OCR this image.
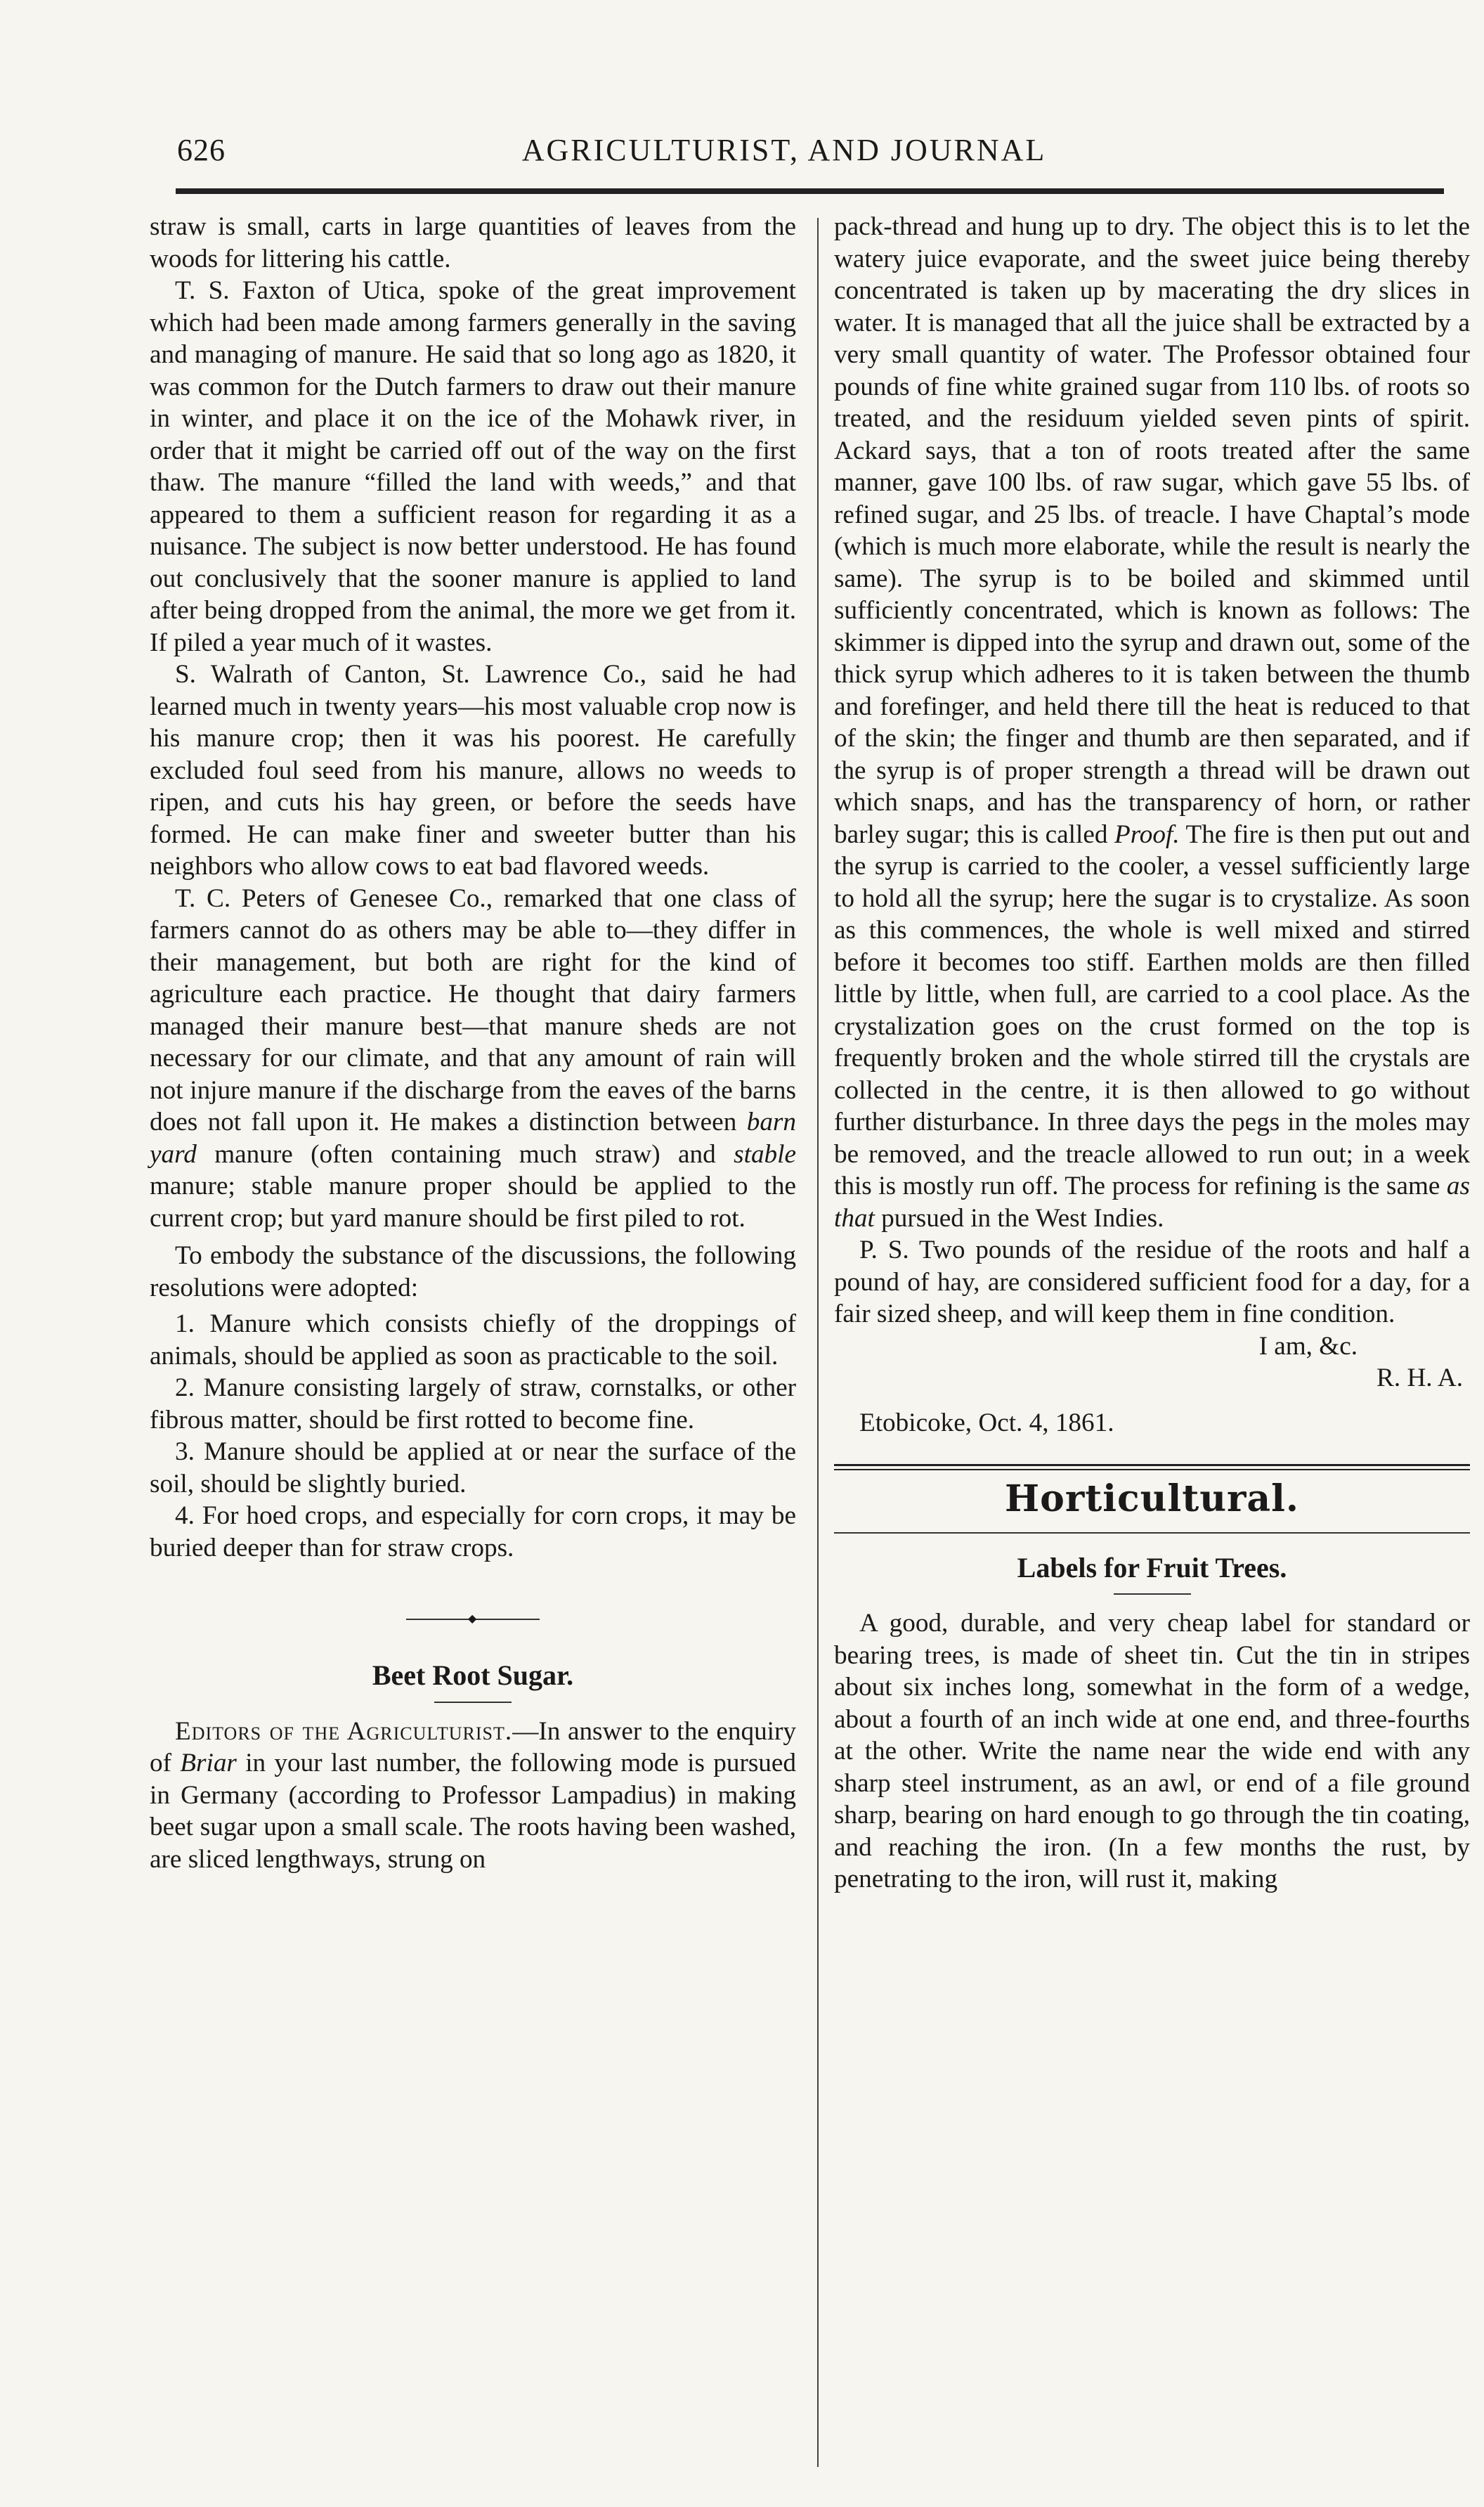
626	AGRICULTURIST, AND JOURNAL

straw is small, carts in large quantities of leaves from the woods for littering his cattle.

T. S. Faxton of Utica, spoke of the great improvement which had been made among farmers generally in the saving and managing of manure. He said that so long ago as 1820, it was common for the Dutch farmers to draw out their manure in winter, and place it on the ice of the Mohawk river, in order that it might be carried off out of the way on the first thaw. The manure “filled the land with weeds,” and that appeared to them a sufficient reason for regarding it as a nuisance. The subject is now better understood. He has found out conclusively that the sooner manure is applied to land after being dropped from the animal, the more we get from it. If piled a year much of it wastes.

S. Walrath of Canton, St. Lawrence Co., said he had learned much in twenty years—his most valuable crop now is his manure crop; then it was his poorest. He carefully excluded foul seed from his manure, allows no weeds to ripen, and cuts his hay green, or before the seeds have formed. He can make finer and sweeter butter than his neighbors who allow cows to eat bad flavored weeds.

T. C. Peters of Genesee Co., remarked that one class of farmers cannot do as others may be able to—they differ in their management, but both are right for the kind of agriculture each practice. He thought that dairy farmers managed their manure best—that manure sheds are not necessary for our climate, and that any amount of rain will not injure manure if the discharge from the eaves of the barns does not fall upon it. He makes a distinction between barn yard manure (often containing much straw) and stable manure; stable manure proper should be applied to the current crop; but yard manure should be first piled to rot.

To embody the substance of the discussions, the following resolutions were adopted:

1. Manure which consists chiefly of the droppings of animals, should be applied as soon as practicable to the soil.

2. Manure consisting largely of straw, cornstalks, or other fibrous matter, should be first rotted to become fine.

3. Manure should be applied at or near the surface of the soil, should be slightly buried.

4. For hoed crops, and especially for corn crops, it may be buried deeper than for straw crops.

◆
Beet Root Sugar.

Editors of the Agriculturist.—In answer to the enquiry of Briar in your last number, the following mode is pursued in Germany (according to Professor Lampadius) in making beet sugar upon a small scale. The roots having been washed, are sliced lengthways, strung on

pack-thread and hung up to dry. The object this is to let the watery juice evaporate, and the sweet juice being thereby concentrated is taken up by macerating the dry slices in water. It is managed that all the juice shall be extracted by a very small quantity of water. The Professor obtained four pounds of fine white grained sugar from 110 lbs. of roots so treated, and the residuum yielded seven pints of spirit. Ackard says, that a ton of roots treated after the same manner, gave 100 lbs. of raw sugar, which gave 55 lbs. of refined sugar, and 25 lbs. of treacle. I have Chaptal’s mode (which is much more elaborate, while the result is nearly the same). The syrup is to be boiled and skimmed until sufficiently concentrated, which is known as follows: The skimmer is dipped into the syrup and drawn out, some of the thick syrup which adheres to it is taken between the thumb and forefinger, and held there till the heat is reduced to that of the skin; the finger and thumb are then separated, and if the syrup is of proper strength a thread will be drawn out which snaps, and has the transparency of horn, or rather barley sugar; this is called Proof. The fire is then put out and the syrup is carried to the cooler, a vessel sufficiently large to hold all the syrup; here the sugar is to crystalize. As soon as this commences, the whole is well mixed and stirred before it becomes too stiff. Earthen molds are then filled little by little, when full, are carried to a cool place. As the crystalization goes on the crust formed on the top is frequently broken and the whole stirred till the crystals are collected in the centre, it is then allowed to go without further disturbance. In three days the pegs in the moles may be removed, and the treacle allowed to run out; in a week this is mostly run off. The process for refining is the same as that pursued in the West Indies.

P. S. Two pounds of the residue of the roots and half a pound of hay, are considered sufficient food for a day, for a fair sized sheep, and will keep them in fine condition.

I am, &c.

R. H. A.

Etobicoke, Oct. 4, 1861.

Horticultural.
Labels for Fruit Trees.

A good, durable, and very cheap label for standard or bearing trees, is made of sheet tin. Cut the tin in stripes about six inches long, somewhat in the form of a wedge, about a fourth of an inch wide at one end, and three-fourths at the other. Write the name near the wide end with any sharp steel instrument, as an awl, or end of a file ground sharp, bearing on hard enough to go through the tin coating, and reaching the iron. (In a few months the rust, by penetrating to the iron, will rust it, making
